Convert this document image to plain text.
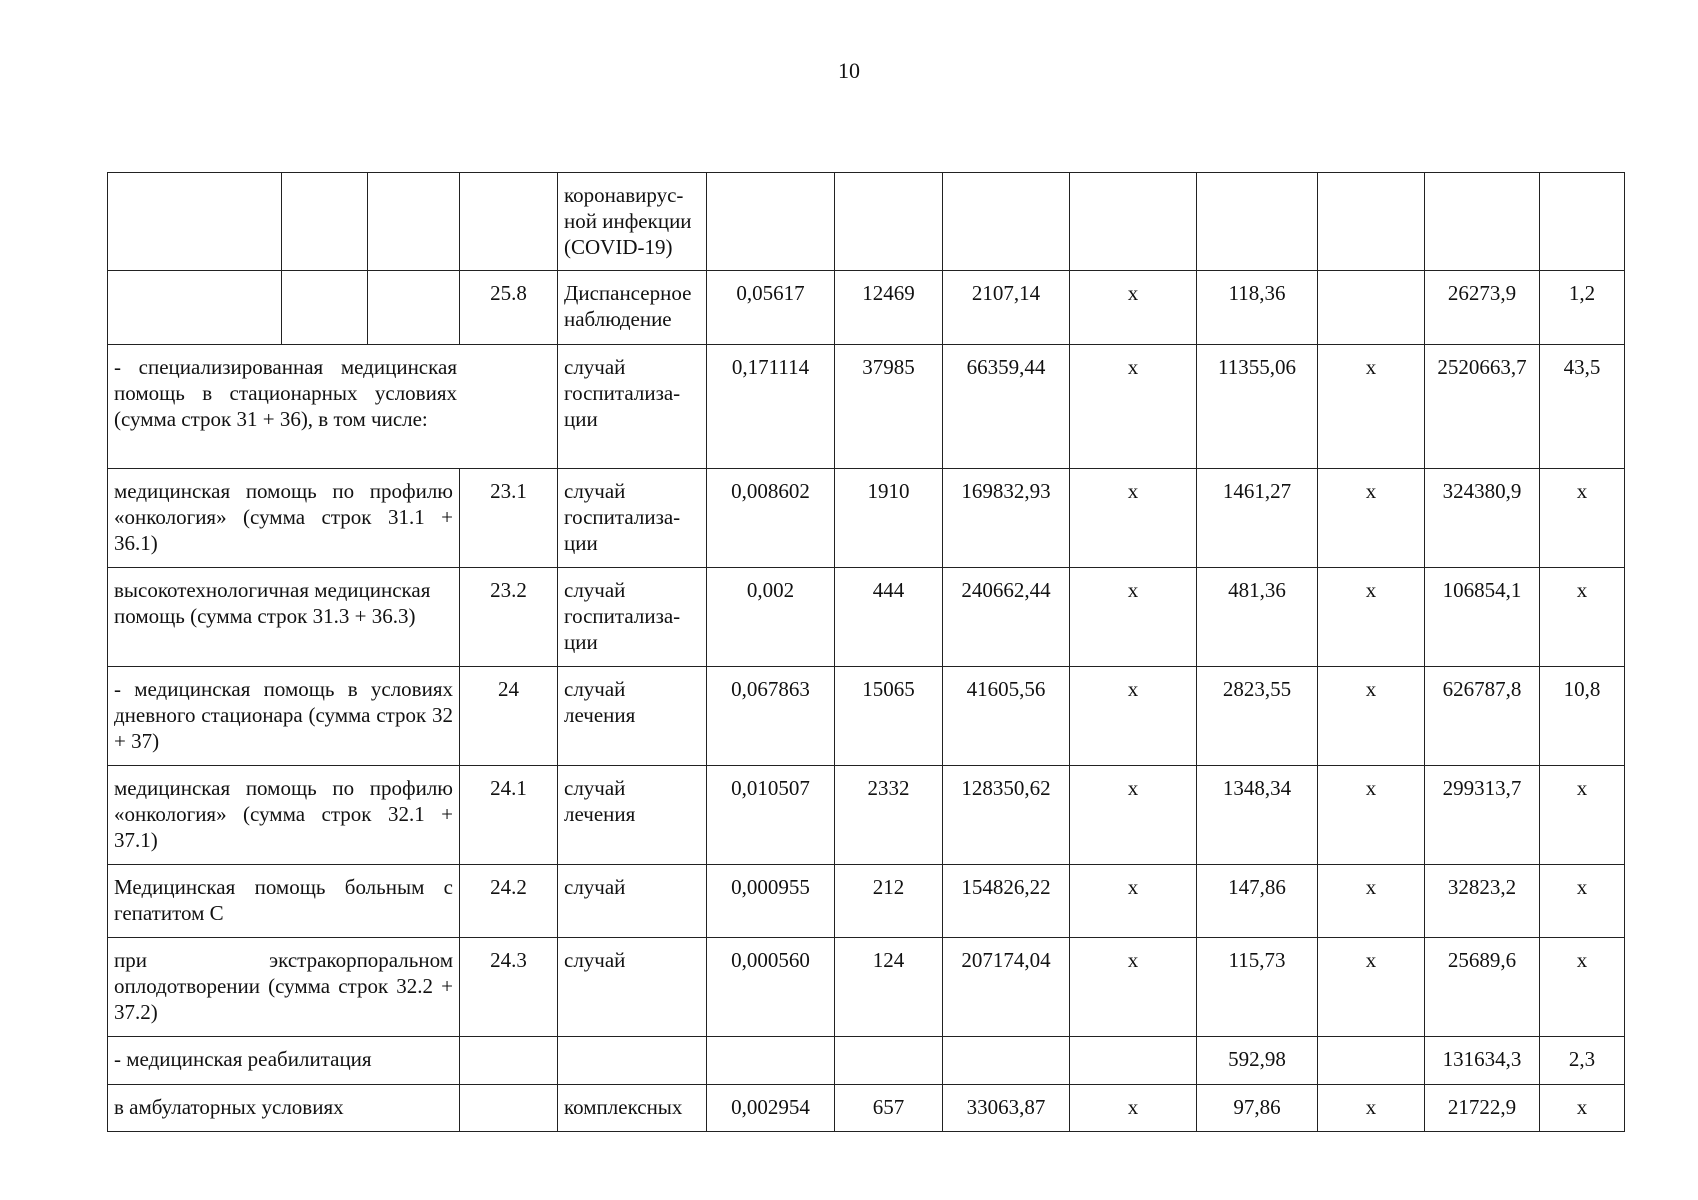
10
				коронавирус-
ной инфекции
(COVID-19)								
			25.8	Диспансерное наблюдение	0,05617	12469	2107,14	x	118,36		26273,9	1,2
- специализированная медицинская помощь в стационарных условиях (сумма строк 31 + 36), в том числе:				случай госпитализа-
ции	0,171114	37985	66359,44	x	11355,06	x	2520663,7	43,5
медицинская помощь по профилю «онкология» (сумма строк 31.1 + 36.1)			23.1	случай госпитализа-
ции	0,008602	1910	169832,93	x	1461,27	x	324380,9	x
высокотехнологичная медицинская помощь (сумма строк 31.3 + 36.3)			23.2	случай госпитализа-
ции	0,002	444	240662,44	x	481,36	x	106854,1	x
- медицинская помощь в условиях дневного стационара (сумма строк 32 + 37)			24	случай лечения	0,067863	15065	41605,56	x	2823,55	x	626787,8	10,8
медицинская помощь по профилю «онкология» (сумма строк 32.1 + 37.1)			24.1	случай лечения	0,010507	2332	128350,62	x	1348,34	x	299313,7	x
Медицинская помощь больным с гепатитом С			24.2	случай	0,000955	212	154826,22	x	147,86	x	32823,2	x
при экстракорпоральном оплодотворении (сумма строк 32.2 + 37.2)			24.3	случай	0,000560	124	207174,04	x	115,73	x	25689,6	x
- медицинская реабилитация									592,98		131634,3	2,3
в амбулаторных условиях				комплексных	0,002954	657	33063,87	x	97,86	x	21722,9	x
